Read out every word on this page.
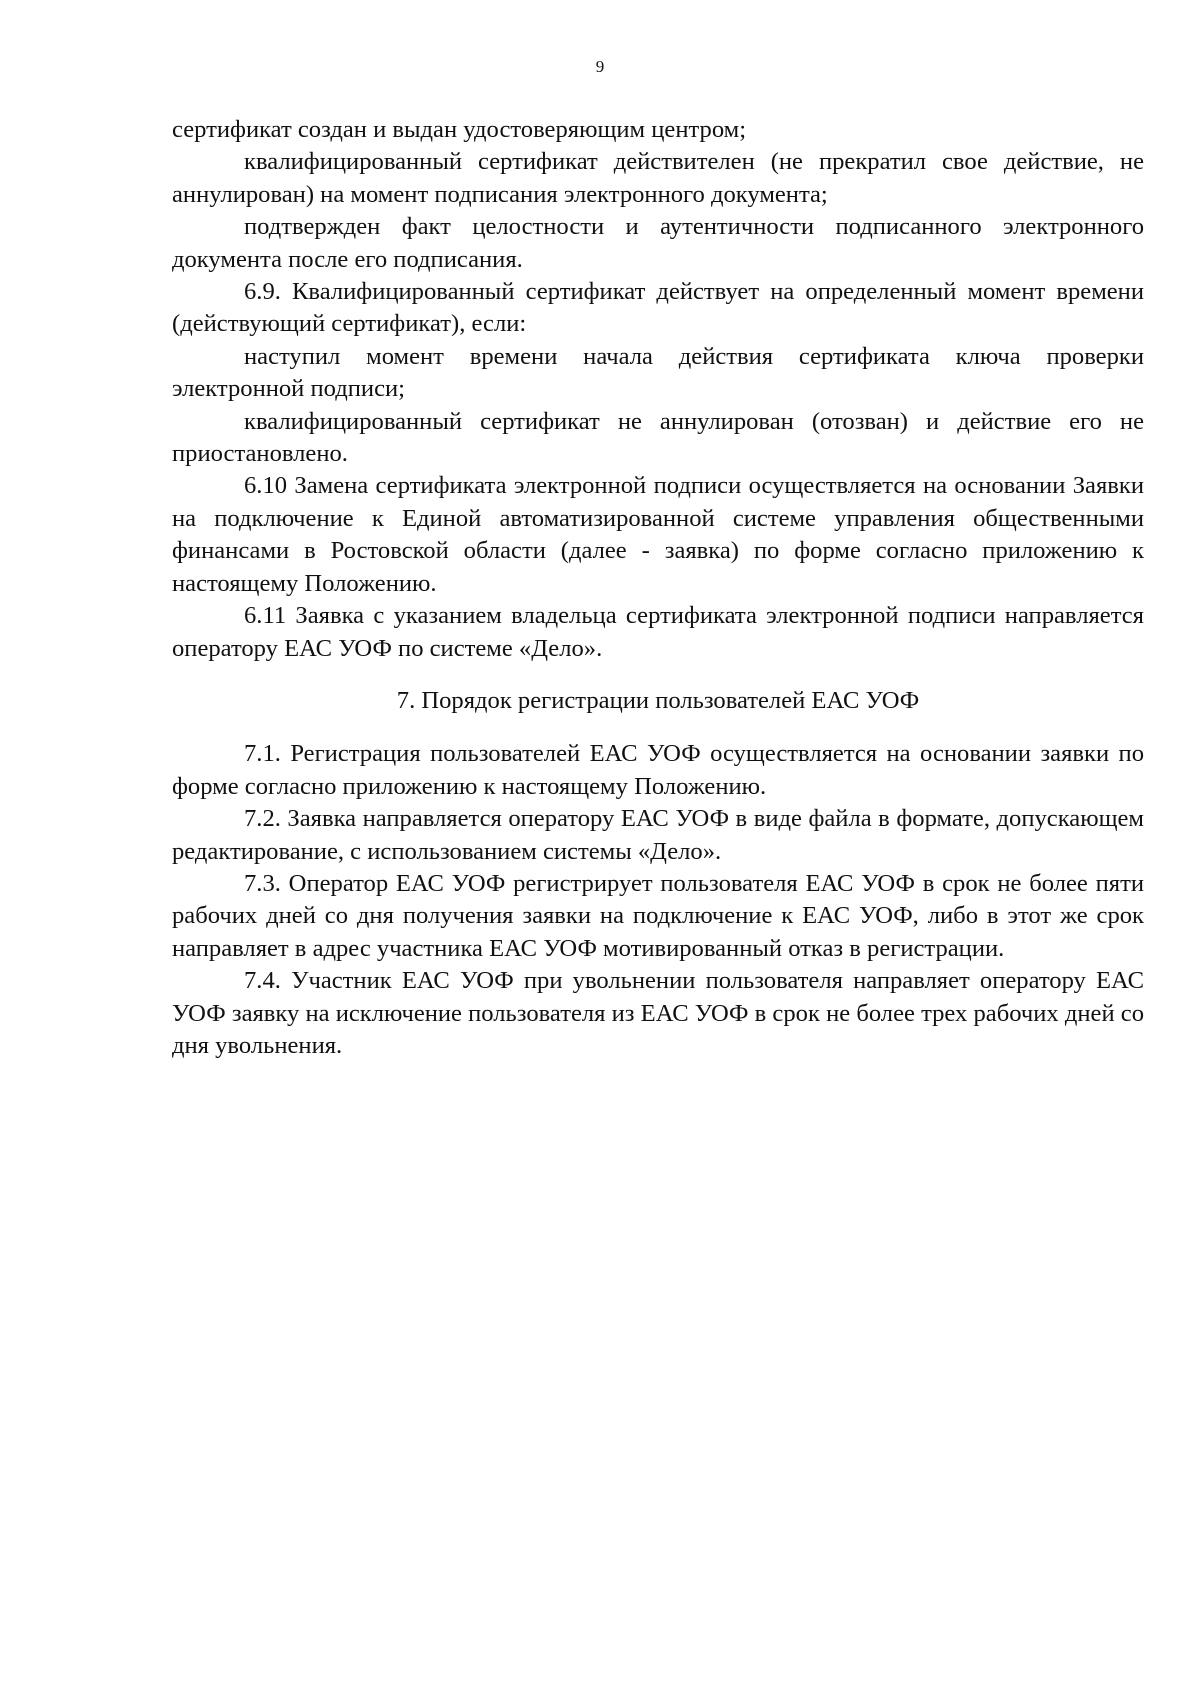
9

сертификат создан и выдан удостоверяющим центром;

квалифицированный сертификат действителен (не прекратил свое действие, не аннулирован) на момент подписания электронного документа;

подтвержден факт целостности и аутентичности подписанного электронного документа после его подписания.

6.9. Квалифицированный сертификат действует на определенный момент времени (действующий сертификат), если:

наступил момент времени начала действия сертификата ключа проверки электронной подписи;

квалифицированный сертификат не аннулирован (отозван) и действие его не приостановлено.

6.10 Замена сертификата электронной подписи осуществляется на основании Заявки на подключение к Единой автоматизированной системе управления общественными финансами в Ростовской области (далее - заявка) по форме согласно приложению к настоящему Положению.

6.11 Заявка с указанием владельца сертификата электронной подписи направляется оператору ЕАС УОФ по системе «Дело».

7. Порядок регистрации пользователей ЕАС УОФ

7.1. Регистрация пользователей ЕАС УОФ осуществляется на основании заявки по форме согласно приложению к настоящему Положению.

7.2. Заявка направляется оператору ЕАС УОФ в виде файла в формате, допускающем редактирование, с использованием системы «Дело».

7.3. Оператор ЕАС УОФ регистрирует пользователя ЕАС УОФ в срок не более пяти рабочих дней со дня получения заявки на подключение к ЕАС УОФ, либо в этот же срок направляет в адрес участника ЕАС УОФ мотивированный отказ в регистрации.

7.4. Участник ЕАС УОФ при увольнении пользователя направляет оператору ЕАС УОФ заявку на исключение пользователя из ЕАС УОФ в срок не более трех рабочих дней со дня увольнения.
